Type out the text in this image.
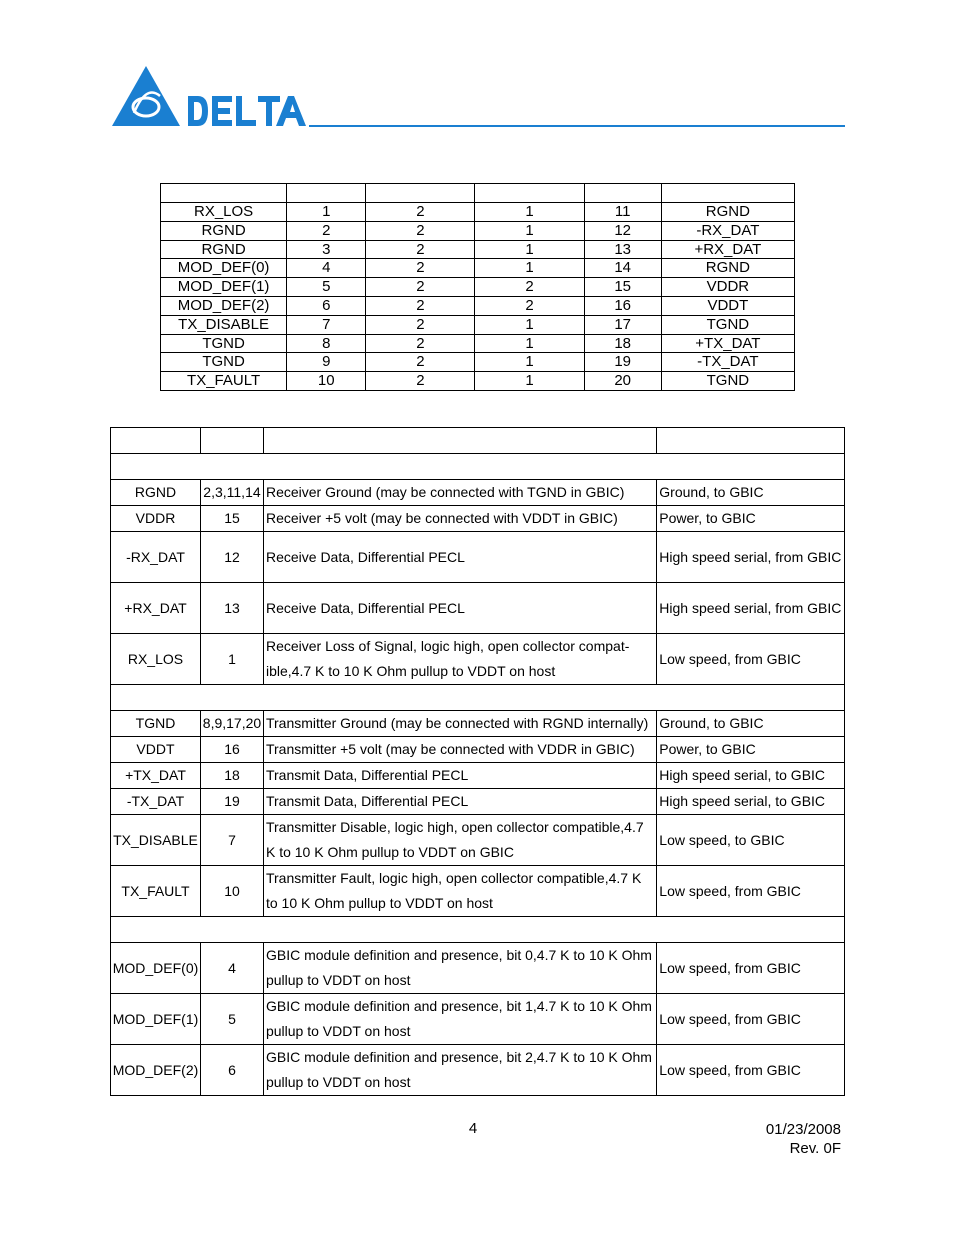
RX_LOS	1	2	1	11	RGND
RGND	2	2	1	12	-RX_DAT
RGND	3	2	1	13	+RX_DAT
MOD_DEF(0)	4	2	1	14	RGND
MOD_DEF(1)	5	2	2	15	VDDR
MOD_DEF(2)	6	2	2	16	VDDT
TX_DISABLE	7	2	1	17	TGND
TGND	8	2	1	18	+TX_DAT
TGND	9	2	1	19	-TX_DAT
TX_FAULT	10	2	1	20	TGND

RGND	2,3,11,14	Receiver Ground (may be connected with TGND in GBIC)	Ground, to GBIC
VDDR	15	Receiver +5 volt (may be connected with VDDT in GBIC)	Power, to GBIC
-RX_DAT	12	Receive Data, Differential PECL	High speed serial, from GBIC
+RX_DAT	13	Receive Data, Differential PECL	High speed serial, from GBIC
RX_LOS	1	Receiver Loss of Signal, logic high, open collector compat-ible,4.7 K to 10 K Ohm pullup to VDDT on host	Low speed, from GBIC

TGND	8,9,17,20	Transmitter Ground (may be connected with RGND internally)	Ground, to GBIC
VDDT	16	Transmitter +5 volt (may be connected with VDDR in GBIC)	Power, to GBIC
+TX_DAT	18	Transmit Data, Differential PECL	High speed serial, to GBIC
-TX_DAT	19	Transmit Data, Differential PECL	High speed serial, to GBIC
TX_DISABLE	7	Transmitter Disable, logic high, open collector compatible,4.7 K to 10 K Ohm pullup to VDDT on GBIC	Low speed, to GBIC
TX_FAULT	10	Transmitter Fault, logic high, open collector compatible,4.7 K to 10 K Ohm pullup to VDDT on host	Low speed, from GBIC

MOD_DEF(0)	4	GBIC module definition and presence, bit 0,4.7 K to 10 K Ohm pullup to VDDT on host	Low speed, from GBIC
MOD_DEF(1)	5	GBIC module definition and presence, bit 1,4.7 K to 10 K Ohm pullup to VDDT on host	Low speed, from GBIC
MOD_DEF(2)	6	GBIC module definition and presence, bit 2,4.7 K to 10 K Ohm pullup to VDDT on host	Low speed, from GBIC
4	01/23/2008
Rev. 0F
